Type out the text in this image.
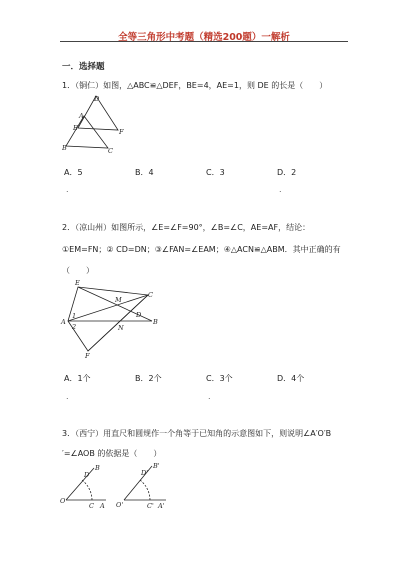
全等三角形中考题（精选200题）一解析
一．选择题
1．（铜仁）如图，△ABC≌△DEF，BE=4，AE=1，则 DE 的长是（　　）
D
A
E	F
B	C
A．5	B．4	C．3	D．2
.	.
2．（凉山州）如图所示，∠E=∠F=90°，∠B=∠C，AE=AF，结论：
①EM=FN；② CD=DN；③∠FAN=∠EAM；④△ACN≌△ABM．其中正确的有
（　　）
E
M
C
A
1
2
D
N
B
F
A．1个	B．2个	C．3个	D．4个
.	.
3．（西宁）用直尺和圆规作一个角等于已知角的示意图如下，则说明∠A′O′B
′=∠AOB 的依据是（　　）
D
B
O
C A
D'
B'
O'	C' A'
